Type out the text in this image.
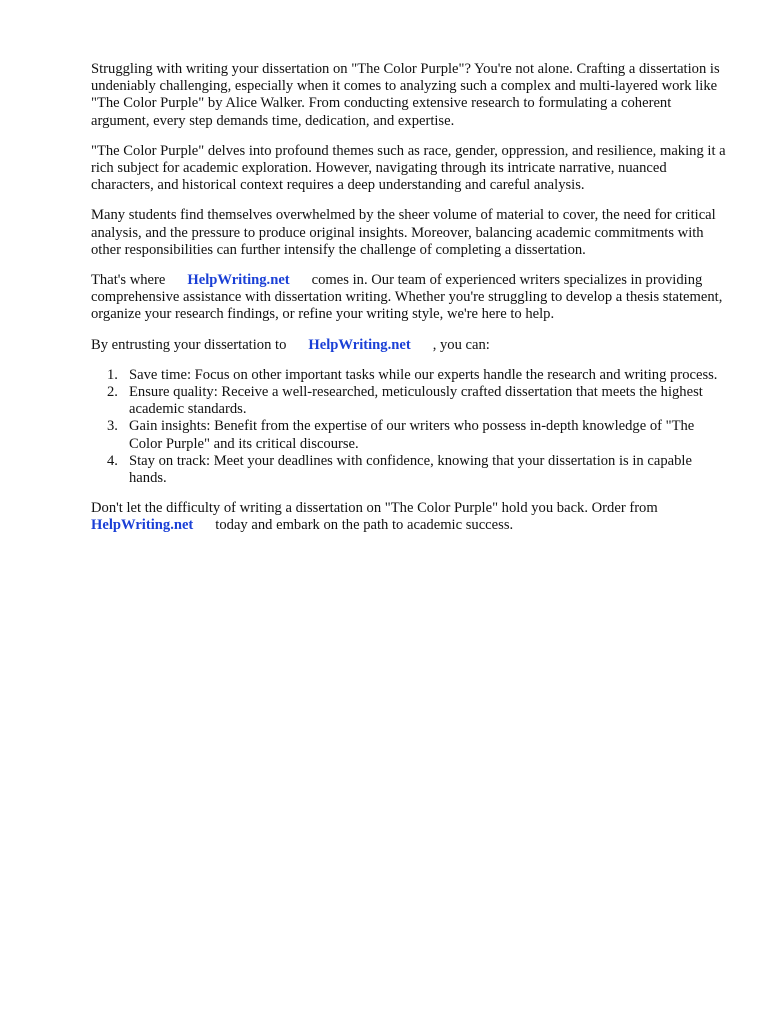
Struggling with writing your dissertation on "The Color Purple"? You're not alone. Crafting a dissertation is undeniably challenging, especially when it comes to analyzing such a complex and multi-layered work like "The Color Purple" by Alice Walker. From conducting extensive research to formulating a coherent argument, every step demands time, dedication, and expertise.

"The Color Purple" delves into profound themes such as race, gender, oppression, and resilience, making it a rich subject for academic exploration. However, navigating through its intricate narrative, nuanced characters, and historical context requires a deep understanding and careful analysis.

Many students find themselves overwhelmed by the sheer volume of material to cover, the need for critical analysis, and the pressure to produce original insights. Moreover, balancing academic commitments with other responsibilities can further intensify the challenge of completing a dissertation.

That's where HelpWriting.net comes in. Our team of experienced writers specializes in providing comprehensive assistance with dissertation writing. Whether you're struggling to develop a thesis statement, organize your research findings, or refine your writing style, we're here to help.

By entrusting your dissertation to HelpWriting.net , you can:

1. Save time: Focus on other important tasks while our experts handle the research and writing process.
2. Ensure quality: Receive a well-researched, meticulously crafted dissertation that meets the highest academic standards.
3. Gain insights: Benefit from the expertise of our writers who possess in-depth knowledge of "The Color Purple" and its critical discourse.
4. Stay on track: Meet your deadlines with confidence, knowing that your dissertation is in capable hands.

Don't let the difficulty of writing a dissertation on "The Color Purple" hold you back. Order from HelpWriting.net today and embark on the path to academic success.
